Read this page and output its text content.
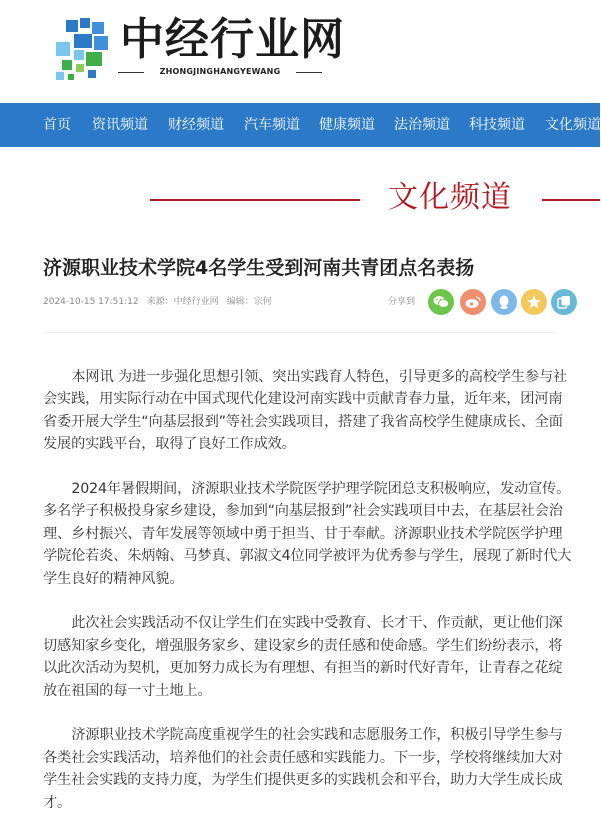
中经行业网
ZHONGJINGHANGYEWANG
首页 资讯频道 财经频道 汽车频道 健康频道 法治频道 科技频道 文化频道
文化频道
济源职业技术学院4名学生受到河南共青团点名表扬
2024-10-15 17:51:12 来源：中经行业网 编辑：宗何	分享到

本网讯 为进一步强化思想引领、突出实践育人特色，引导更多的高校学生参与社会实践，用实际行动在中国式现代化建设河南实践中贡献青春力量，近年来，团河南省委开展大学生“向基层报到”等社会实践项目，搭建了我省高校学生健康成长、全面发展的实践平台，取得了良好工作成效。

2024年暑假期间，济源职业技术学院医学护理学院团总支积极响应，发动宣传。多名学子积极投身家乡建设，参加到“向基层报到”社会实践项目中去，在基层社会治理、乡村振兴、青年发展等领域中勇于担当、甘于奉献。济源职业技术学院医学护理学院伦若炎、朱炳翰、马梦真、郭淑文4位同学被评为优秀参与学生，展现了新时代大学生良好的精神风貌。

此次社会实践活动不仅让学生们在实践中受教育、长才干、作贡献，更让他们深切感知家乡变化，增强服务家乡、建设家乡的责任感和使命感。学生们纷纷表示，将以此次活动为契机，更加努力成长为有理想、有担当的新时代好青年，让青春之花绽放在祖国的每一寸土地上。

济源职业技术学院高度重视学生的社会实践和志愿服务工作，积极引导学生参与各类社会实践活动，培养他们的社会责任感和实践能力。下一步，学校将继续加大对学生社会实践的支持力度，为学生们提供更多的实践机会和平台，助力大学生成长成才。
